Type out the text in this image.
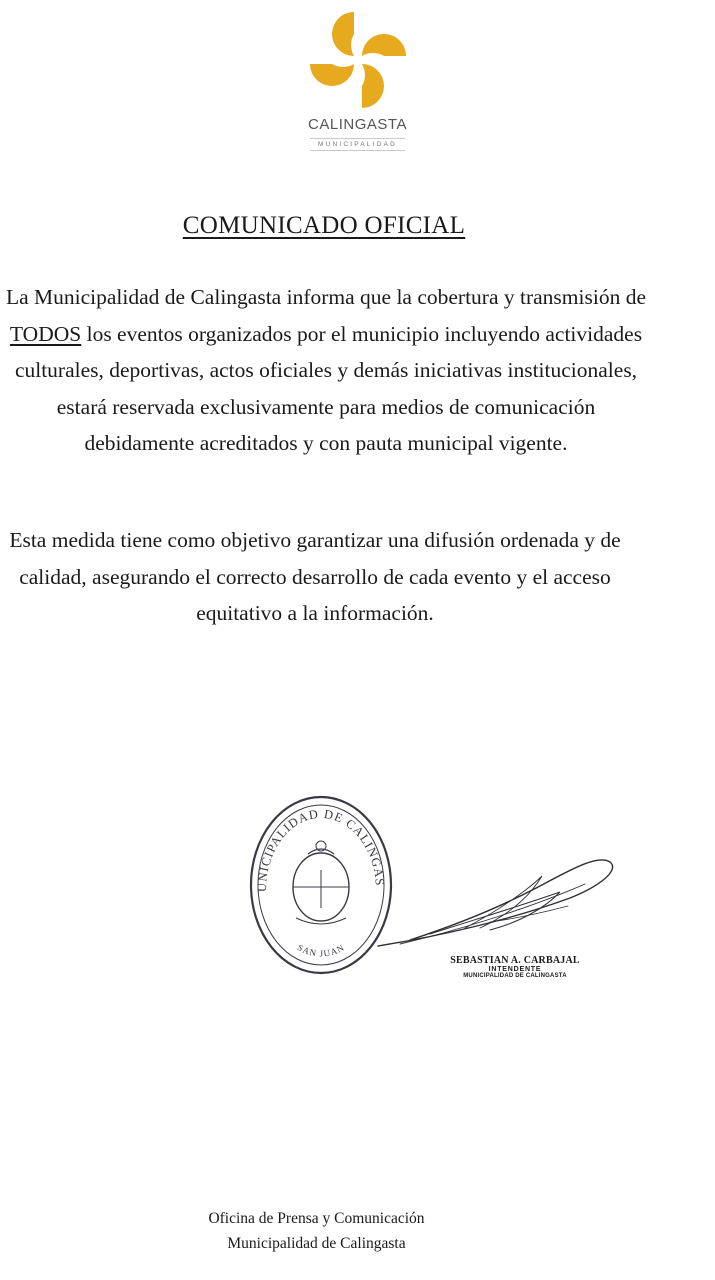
CALINGASTA
MUNICIPALIDAD
COMUNICADO OFICIAL
La Municipalidad de Calingasta informa que la cobertura y transmisión de TODOS los eventos organizados por el municipio incluyendo actividades culturales, deportivas, actos oficiales y demás iniciativas institucionales, estará reservada exclusivamente para medios de comunicación debidamente acreditados y con pauta municipal vigente.
Esta medida tiene como objetivo garantizar una difusión ordenada y de calidad, asegurando el correcto desarrollo de cada evento y el acceso equitativo a la información.
UNICIPALIDAD DE CALINGAS
SAN JUAN
SEBASTIAN A. CARBAJAL
INTENDENTE
MUNICIPALIDAD DE CALINGASTA
Oficina de Prensa y Comunicación
Municipalidad de Calingasta
